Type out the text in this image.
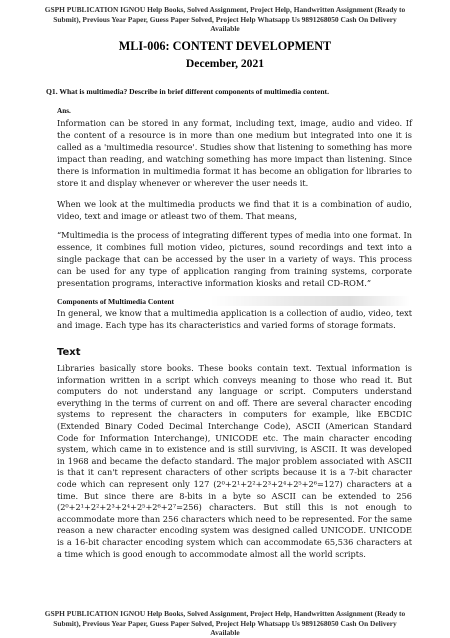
GSPH PUBLICATION IGNOU Help Books, Solved Assignment, Project Help, Handwritten Assignment (Ready to
Submit), Previous Year Paper, Guess Paper Solved, Project Help Whatsapp Us 9891268050 Cash On Delivery
Available
MLI-006: CONTENT DEVELOPMENT
December, 2021
Q1. What is multimedia? Describe in brief different components of multimedia content.
Ans.

Information can be stored in any format, including text, image, audio and video. If the content of a resource is in more than one medium but integrated into one it is called as a 'multimedia resource'. Studies show that listening to something has more impact than reading, and watching something has more impact than listening. Since there is information in multimedia format it has become an obligation for libraries to store it and display whenever or wherever the user needs it.

When we look at the multimedia products we find that it is a combination of audio, video, text and image or atleast two of them. That means,

“Multimedia is the process of integrating different types of media into one format. In essence, it combines full motion video, pictures, sound recordings and text into a single package that can be accessed by the user in a variety of ways. This process can be used for any type of application ranging from training systems, corporate presentation programs, interactive information kiosks and retail CD-ROM.”

Components of Multimedia Content

In general, we know that a multimedia application is a collection of audio, video, text and image. Each type has its characteristics and varied forms of storage formats.

Text

Libraries basically store books. These books contain text. Textual information is information written in a script which conveys meaning to those who read it. But computers do not understand any language or script. Computers understand everything in the terms of current on and off. There are several character encoding systems to represent the characters in computers for example, like EBCDIC (Extended Binary Coded Decimal Interchange Code), ASCII (American Standard Code for Information Interchange), UNICODE etc. The main character encoding system, which came in to existence and is still surviving, is ASCII. It was developed in 1968 and became the defacto standard. The major problem associated with ASCII is that it can't represent characters of other scripts because it is a 7-bit character code which can represent only 127 (2⁰+2¹+2²+2³+2⁴+2⁵+2⁶=127) characters at a time. But since there are 8-bits in a byte so ASCII can be extended to 256 (2⁰+2¹+2²+2³+2⁴+2⁵+2⁶+2⁷=256) characters. But still this is not enough to accommodate more than 256 characters which need to be represented. For the same reason a new character encoding system was designed called UNICODE. UNICODE is a 16-bit character encoding system which can accommodate 65,536 characters at a time which is good enough to accommodate almost all the world scripts.

GSPH PUBLICATION IGNOU Help Books, Solved Assignment, Project Help, Handwritten Assignment (Ready to
Submit), Previous Year Paper, Guess Paper Solved, Project Help Whatsapp Us 9891268050 Cash On Delivery
Available
